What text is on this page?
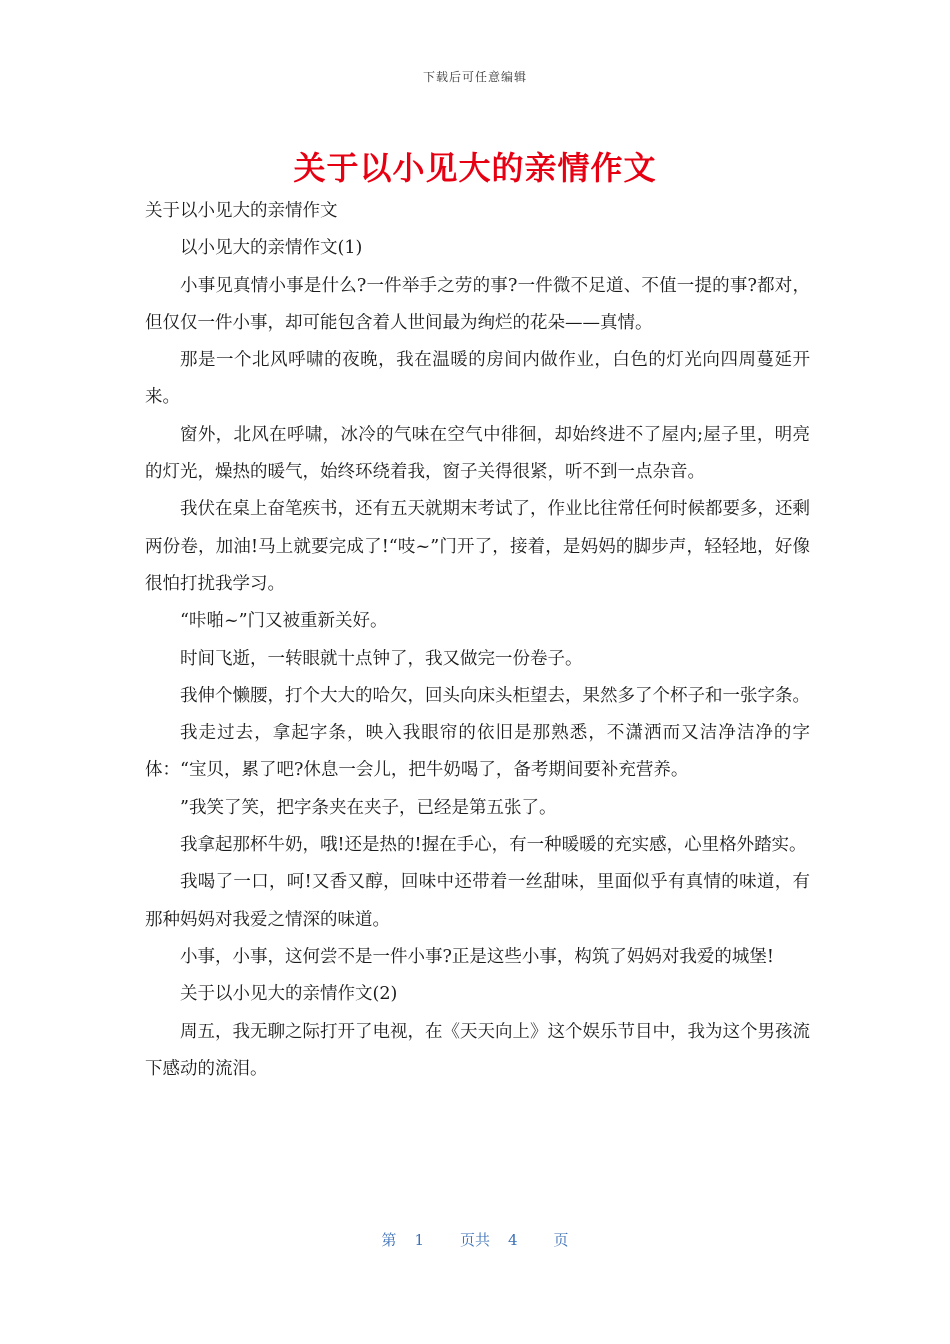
下载后可任意编辑
关于以小见大的亲情作文

关于以小见大的亲情作文

以小见大的亲情作文(1)

小事见真情小事是什么?一件举手之劳的事?一件微不足道、不值一提的事?都对，但仅仅一件小事，却可能包含着人世间最为绚烂的花朵——真情。

那是一个北风呼啸的夜晚，我在温暖的房间内做作业，白色的灯光向四周蔓延开来。

窗外，北风在呼啸，冰冷的气味在空气中徘徊，却始终进不了屋内;屋子里，明亮的灯光，燥热的暖气，始终环绕着我，窗子关得很紧，听不到一点杂音。

我伏在桌上奋笔疾书，还有五天就期末考试了，作业比往常任何时候都要多，还剩两份卷，加油!马上就要完成了!“吱~”门开了，接着，是妈妈的脚步声，轻轻地，好像很怕打扰我学习。

“咔啪~”门又被重新关好。

时间飞逝，一转眼就十点钟了，我又做完一份卷子。

我伸个懒腰，打个大大的哈欠，回头向床头柜望去，果然多了个杯子和一张字条。

我走过去，拿起字条，映入我眼帘的依旧是那熟悉，不潇洒而又洁净洁净的字体：“宝贝，累了吧?休息一会儿，把牛奶喝了，备考期间要补充营养。

”我笑了笑，把字条夹在夹子，已经是第五张了。

我拿起那杯牛奶，哦!还是热的!握在手心，有一种暖暖的充实感，心里格外踏实。

我喝了一口，呵!又香又醇，回味中还带着一丝甜味，里面似乎有真情的味道，有那种妈妈对我爱之情深的味道。

小事，小事，这何尝不是一件小事?正是这些小事，构筑了妈妈对我爱的城堡!

关于以小见大的亲情作文(2)

周五，我无聊之际打开了电视，在《天天向上》这个娱乐节目中，我为这个男孩流下感动的流泪。

第 1 页共 4 页
